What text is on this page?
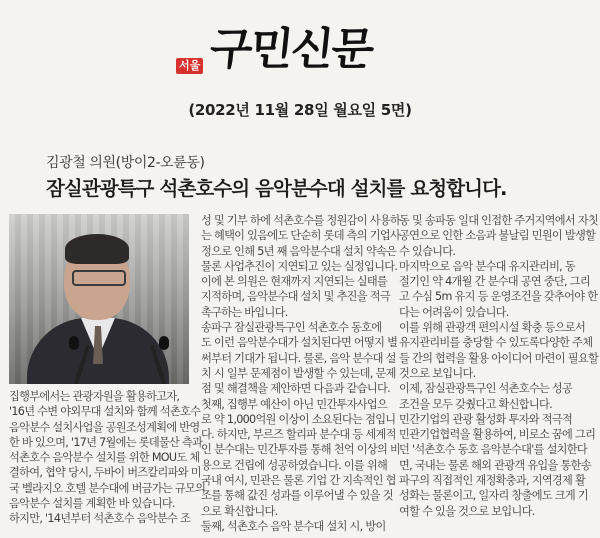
서울 구민신문
(2022년 11월 28일 월요일 5면)
김광철 의원(방이2-오륜동)
잠실관광특구 석촌호수의 음악분수대 설치를 요청합니다.

집행부에서는 관광자원을 활용하고자,

'16년 수변 야외무대 설치와 함께 석촌호수

음악분수 설치사업을 공원조성계획에 반영

한 바 있으며, '17년 7월에는 롯데물산 측과

석촌호수 음악분수 설치를 위한 MOU도 체

결하여, 협약 당시, 두바이 버즈칼리파와 미

국 벨라지오 호텔 분수대에 버금가는 규모의

음악분수 설치를 계획한 바 있습니다.

하지만, '14년부터 석촌호수 음악분수 조

성 및 기부 하에 석촌호수를 정원감이 사용하

는 혜택이 있음에도 단순히 롯데 측의 기업사

정으로 인해 5년 째 음악분수대 설치 약속은

물론 사업추진이 지연되고 있는 실정입니다.

이에 본 의원은 현재까지 지연되는 실태를

지적하며, 음악분수대 설치 및 추진을 적극

촉구하는 바입니다.

송파구 잠실관광특구인 석촌호수 동호에

도 이런 음악분수대가 설치된다면 어떻지 별

써부터 기대가 됩니다. 물론, 음악 분수대 설

치 시 일부 문제점이 발생할 수 있는데, 문제

점 및 해결책을 제안하면 다음과 같습니다.

첫째, 집행부 예산이 아닌 민간투자사업으

로 약 1,000억원 이상이 소요된다는 점입니

다. 하지만, 부르즈 할리파 분수대 등 세계적

인 분수대는 민간투자를 통해 천억 이상의 비

용으로 건립에 성공하였습니다. 이를 위해

국내 여시, 민관은 물론 기업 간 지속적인 협

조를 통해 값진 성과를 이루어낼 수 있을 것

으로 확신합니다.

둘째, 석촌호수 음악 분수대 설치 시, 방이

동 및 송파동 일대 인접한 주거지역에서 자칫

공연으로 인한 소음과 불날림 민원이 발생할

수 있습니다.

마지막으로 음악 분수대 유지관리비, 동

절기인 약 4개월 간 분수대 공연 중단, 그리

고 수심 5m 유지 등 운영조건을 갖추어야 한

다는 어려움이 있습니다.

이를 위해 관광객 편의시설 확충 등으로서

유지관리비를 충당할 수 있도록다양한 주체

들 간의 협력을 활용 아이디어 마련이 필요할

것으로 보입니다.

이제, 잠실관광특구인 석촌호수는 성공

조건을 모두 갖췄다고 확신합니다.

민간기업의 관광 활성화 투자와 적극적

민관기업협력을 활용하여, 비로소 꿈에 그리

던 '석촌호수 동호 음악분수대'를 설치한다

면, 국내는 물론 해외 관광객 유입을 통한송

파구의 직접적인 재정확충과, 지역경제 활

성화는 물론이고, 일자리 창출에도 크게 기

여할 수 있을 것으로 보입니다.
